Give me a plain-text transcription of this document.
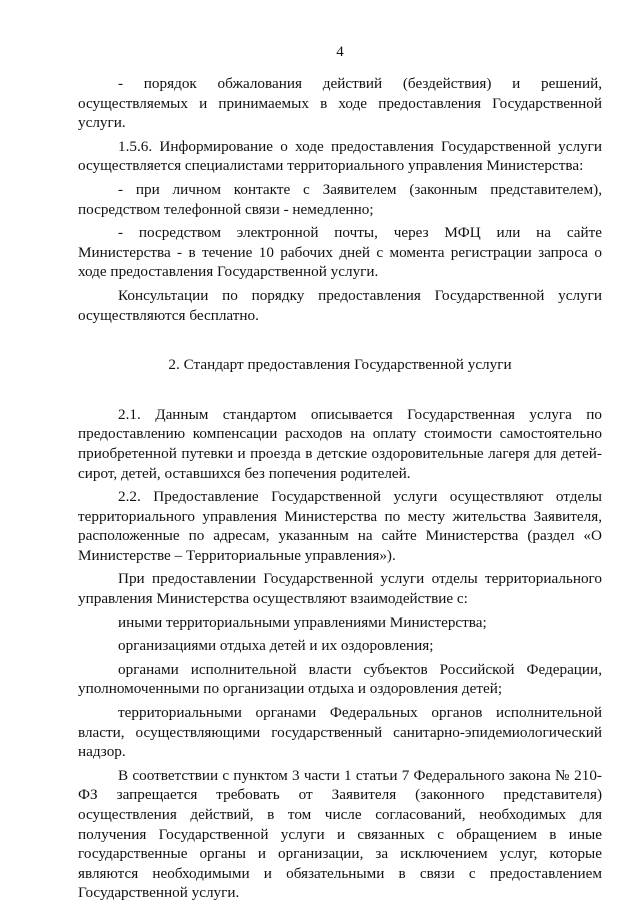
4

- порядок обжалования действий (бездействия) и решений, осуществляемых и принимаемых в ходе предоставления Государственной услуги.

1.5.6. Информирование о ходе предоставления Государственной услуги осуществляется специалистами территориального управления Министерства:

- при личном контакте с Заявителем (законным представителем), посредством телефонной связи - немедленно;

- посредством электронной почты, через МФЦ или на сайте Министерства - в течение 10 рабочих дней с момента регистрации запроса о ходе предоставления Государственной услуги.

Консультации по порядку предоставления Государственной услуги осуществляются бесплатно.

2. Стандарт предоставления Государственной услуги

2.1. Данным стандартом описывается Государственная услуга по предоставлению компенсации расходов на оплату стоимости самостоятельно приобретенной путевки и проезда в детские оздоровительные лагеря для детей-сирот, детей, оставшихся без попечения родителей.

2.2. Предоставление Государственной услуги осуществляют отделы территориального управления Министерства по месту жительства Заявителя, расположенные по адресам, указанным на сайте Министерства (раздел «О Министерстве – Территориальные управления»).

При предоставлении Государственной услуги отделы территориального управления Министерства осуществляют взаимодействие с:

иными территориальными управлениями Министерства;

организациями отдыха детей и их оздоровления;

органами исполнительной власти субъектов Российской Федерации, уполномоченными по организации отдыха и оздоровления детей;

территориальными органами Федеральных органов исполнительной власти, осуществляющими государственный санитарно-эпидемиологический надзор.

В соответствии с пунктом 3 части 1 статьи 7 Федерального закона № 210-ФЗ запрещается требовать от Заявителя (законного представителя) осуществления действий, в том числе согласований, необходимых для получения Государственной услуги и связанных с обращением в иные государственные органы и организации, за исключением услуг, которые являются необходимыми и обязательными в связи с предоставлением Государственной услуги.
